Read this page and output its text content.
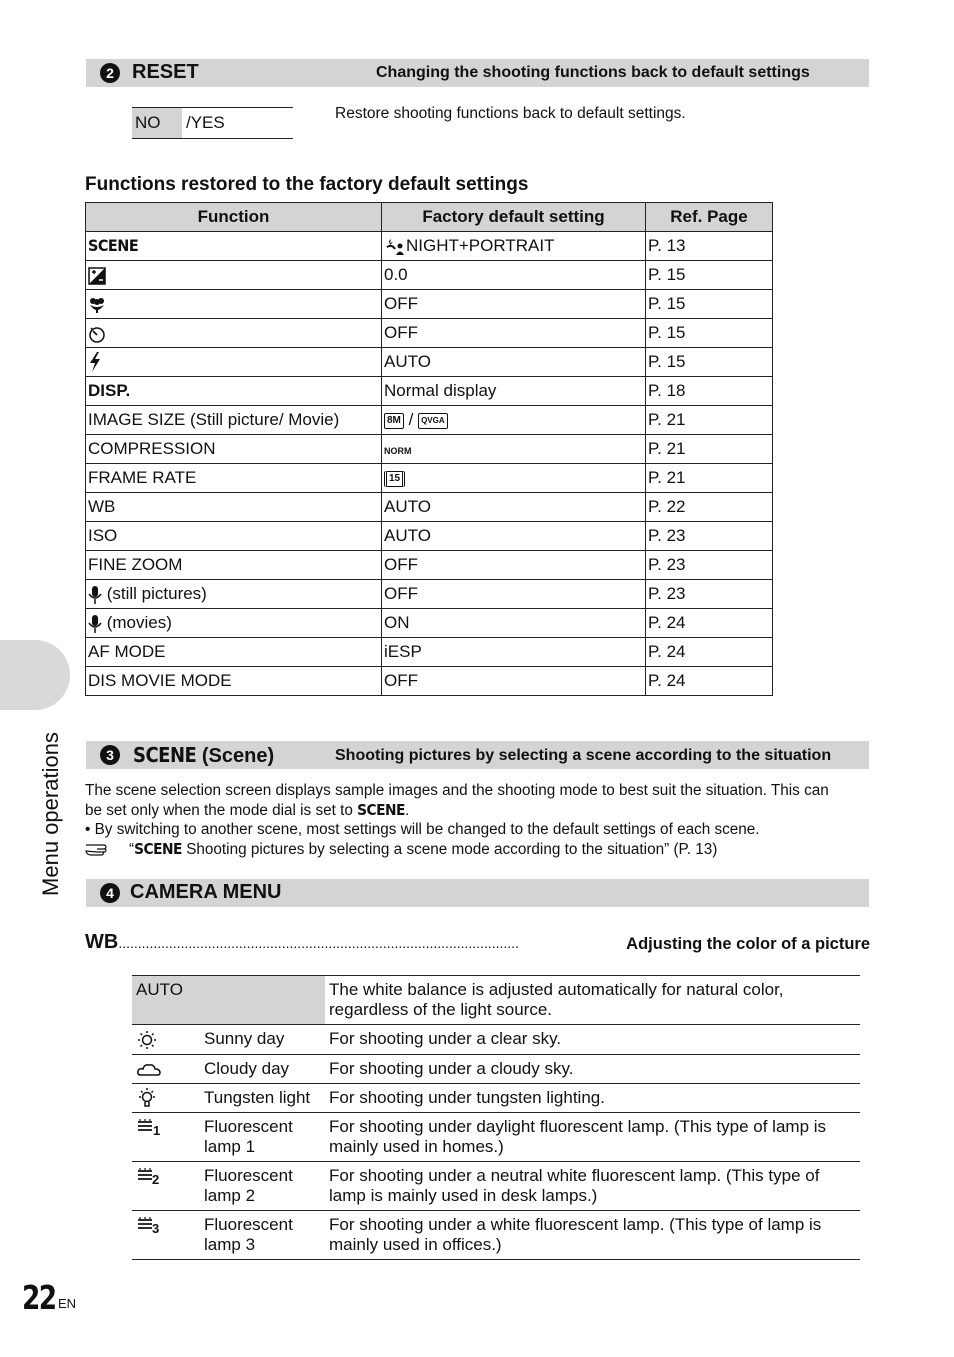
Menu operations
2 RESET	Changing the shooting functions back to default settings
NO	/YES	Restore shooting functions back to default settings.
Functions restored to the factory default settings
Function	Factory default setting	Ref. Page
SCENE	NIGHT+PORTRAIT	P. 13
	0.0	P. 15
	OFF	P. 15
	OFF	P. 15
	AUTO	P. 15
DISP.	Normal display	P. 18
IMAGE SIZE (Still picture/ Movie)	8M / QVGA	P. 21
COMPRESSION	NORM	P. 21
FRAME RATE	15	P. 21
WB	AUTO	P. 22
ISO	AUTO	P. 23
FINE ZOOM	OFF	P. 23
(still pictures)	OFF	P. 23
(movies)	ON	P. 24
AF MODE	iESP	P. 24
DIS MOVIE MODE	OFF	P. 24
3 SCENE (Scene)	Shooting pictures by selecting a scene according to the situation
The scene selection screen displays sample images and the shooting mode to best suit the situation. This can
be set only when the mode dial is set to SCENE.
• By switching to another scene, most settings will be changed to the default settings of each scene.
“SCENE Shooting pictures by selecting a scene mode according to the situation” (P. 13)
4 CAMERA MENU
WB.......................................................................................................	Adjusting the color of a picture
AUTO		The white balance is adjusted automatically for natural color, regardless of the light source.
	Sunny day	For shooting under a clear sky.
	Cloudy day	For shooting under a cloudy sky.
	Tungsten light	For shooting under tungsten lighting.

1	Fluorescent lamp 1	For shooting under daylight fluorescent lamp. (This type of lamp is mainly used in homes.)

2	Fluorescent lamp 2	For shooting under a neutral white fluorescent lamp. (This type of lamp is mainly used in desk lamps.)

3	Fluorescent lamp 3	For shooting under a white fluorescent lamp. (This type of lamp is mainly used in offices.)
22 EN
